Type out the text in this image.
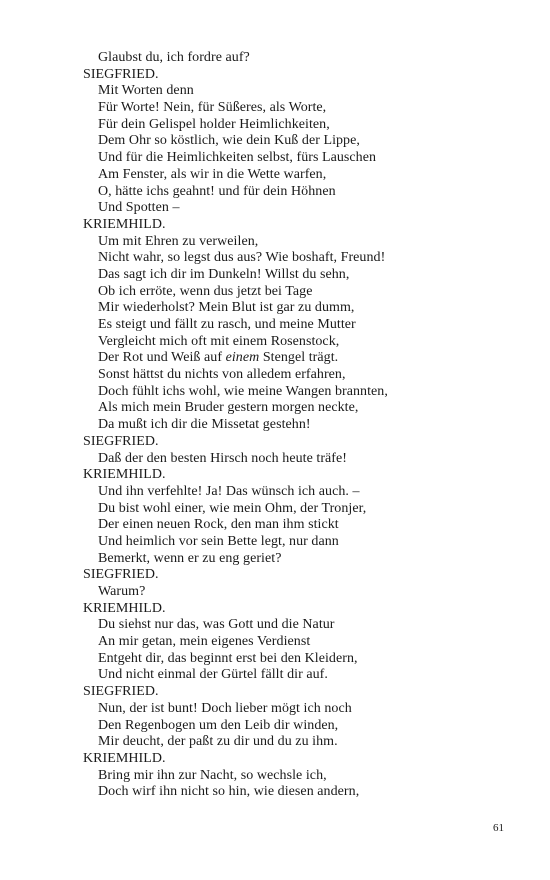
Glaubst du, ich fordre auf?
SIEGFRIED.
Mit Worten denn
Für Worte! Nein, für Süßeres, als Worte,
Für dein Gelispel holder Heimlichkeiten,
Dem Ohr so köstlich, wie dein Kuß der Lippe,
Und für die Heimlichkeiten selbst, fürs Lauschen
Am Fenster, als wir in die Wette warfen,
O, hätte ichs geahnt! und für dein Höhnen
Und Spotten –
KRIEMHILD.
Um mit Ehren zu verweilen,
Nicht wahr, so legst dus aus? Wie boshaft, Freund!
Das sagt ich dir im Dunkeln! Willst du sehn,
Ob ich erröte, wenn dus jetzt bei Tage
Mir wiederholst? Mein Blut ist gar zu dumm,
Es steigt und fällt zu rasch, und meine Mutter
Vergleicht mich oft mit einem Rosenstock,
Der Rot und Weiß auf einem Stengel trägt.
Sonst hättst du nichts von alledem erfahren,
Doch fühlt ichs wohl, wie meine Wangen brannten,
Als mich mein Bruder gestern morgen neckte,
Da mußt ich dir die Missetat gestehn!
SIEGFRIED.
Daß der den besten Hirsch noch heute träfe!
KRIEMHILD.
Und ihn verfehlte! Ja! Das wünsch ich auch. –
Du bist wohl einer, wie mein Ohm, der Tronjer,
Der einen neuen Rock, den man ihm stickt
Und heimlich vor sein Bette legt, nur dann
Bemerkt, wenn er zu eng geriet?
SIEGFRIED.
Warum?
KRIEMHILD.
Du siehst nur das, was Gott und die Natur
An mir getan, mein eigenes Verdienst
Entgeht dir, das beginnt erst bei den Kleidern,
Und nicht einmal der Gürtel fällt dir auf.
SIEGFRIED.
Nun, der ist bunt! Doch lieber mögt ich noch
Den Regenbogen um den Leib dir winden,
Mir deucht, der paßt zu dir und du zu ihm.
KRIEMHILD.
Bring mir ihn zur Nacht, so wechsle ich,
Doch wirf ihn nicht so hin, wie diesen andern,
61
